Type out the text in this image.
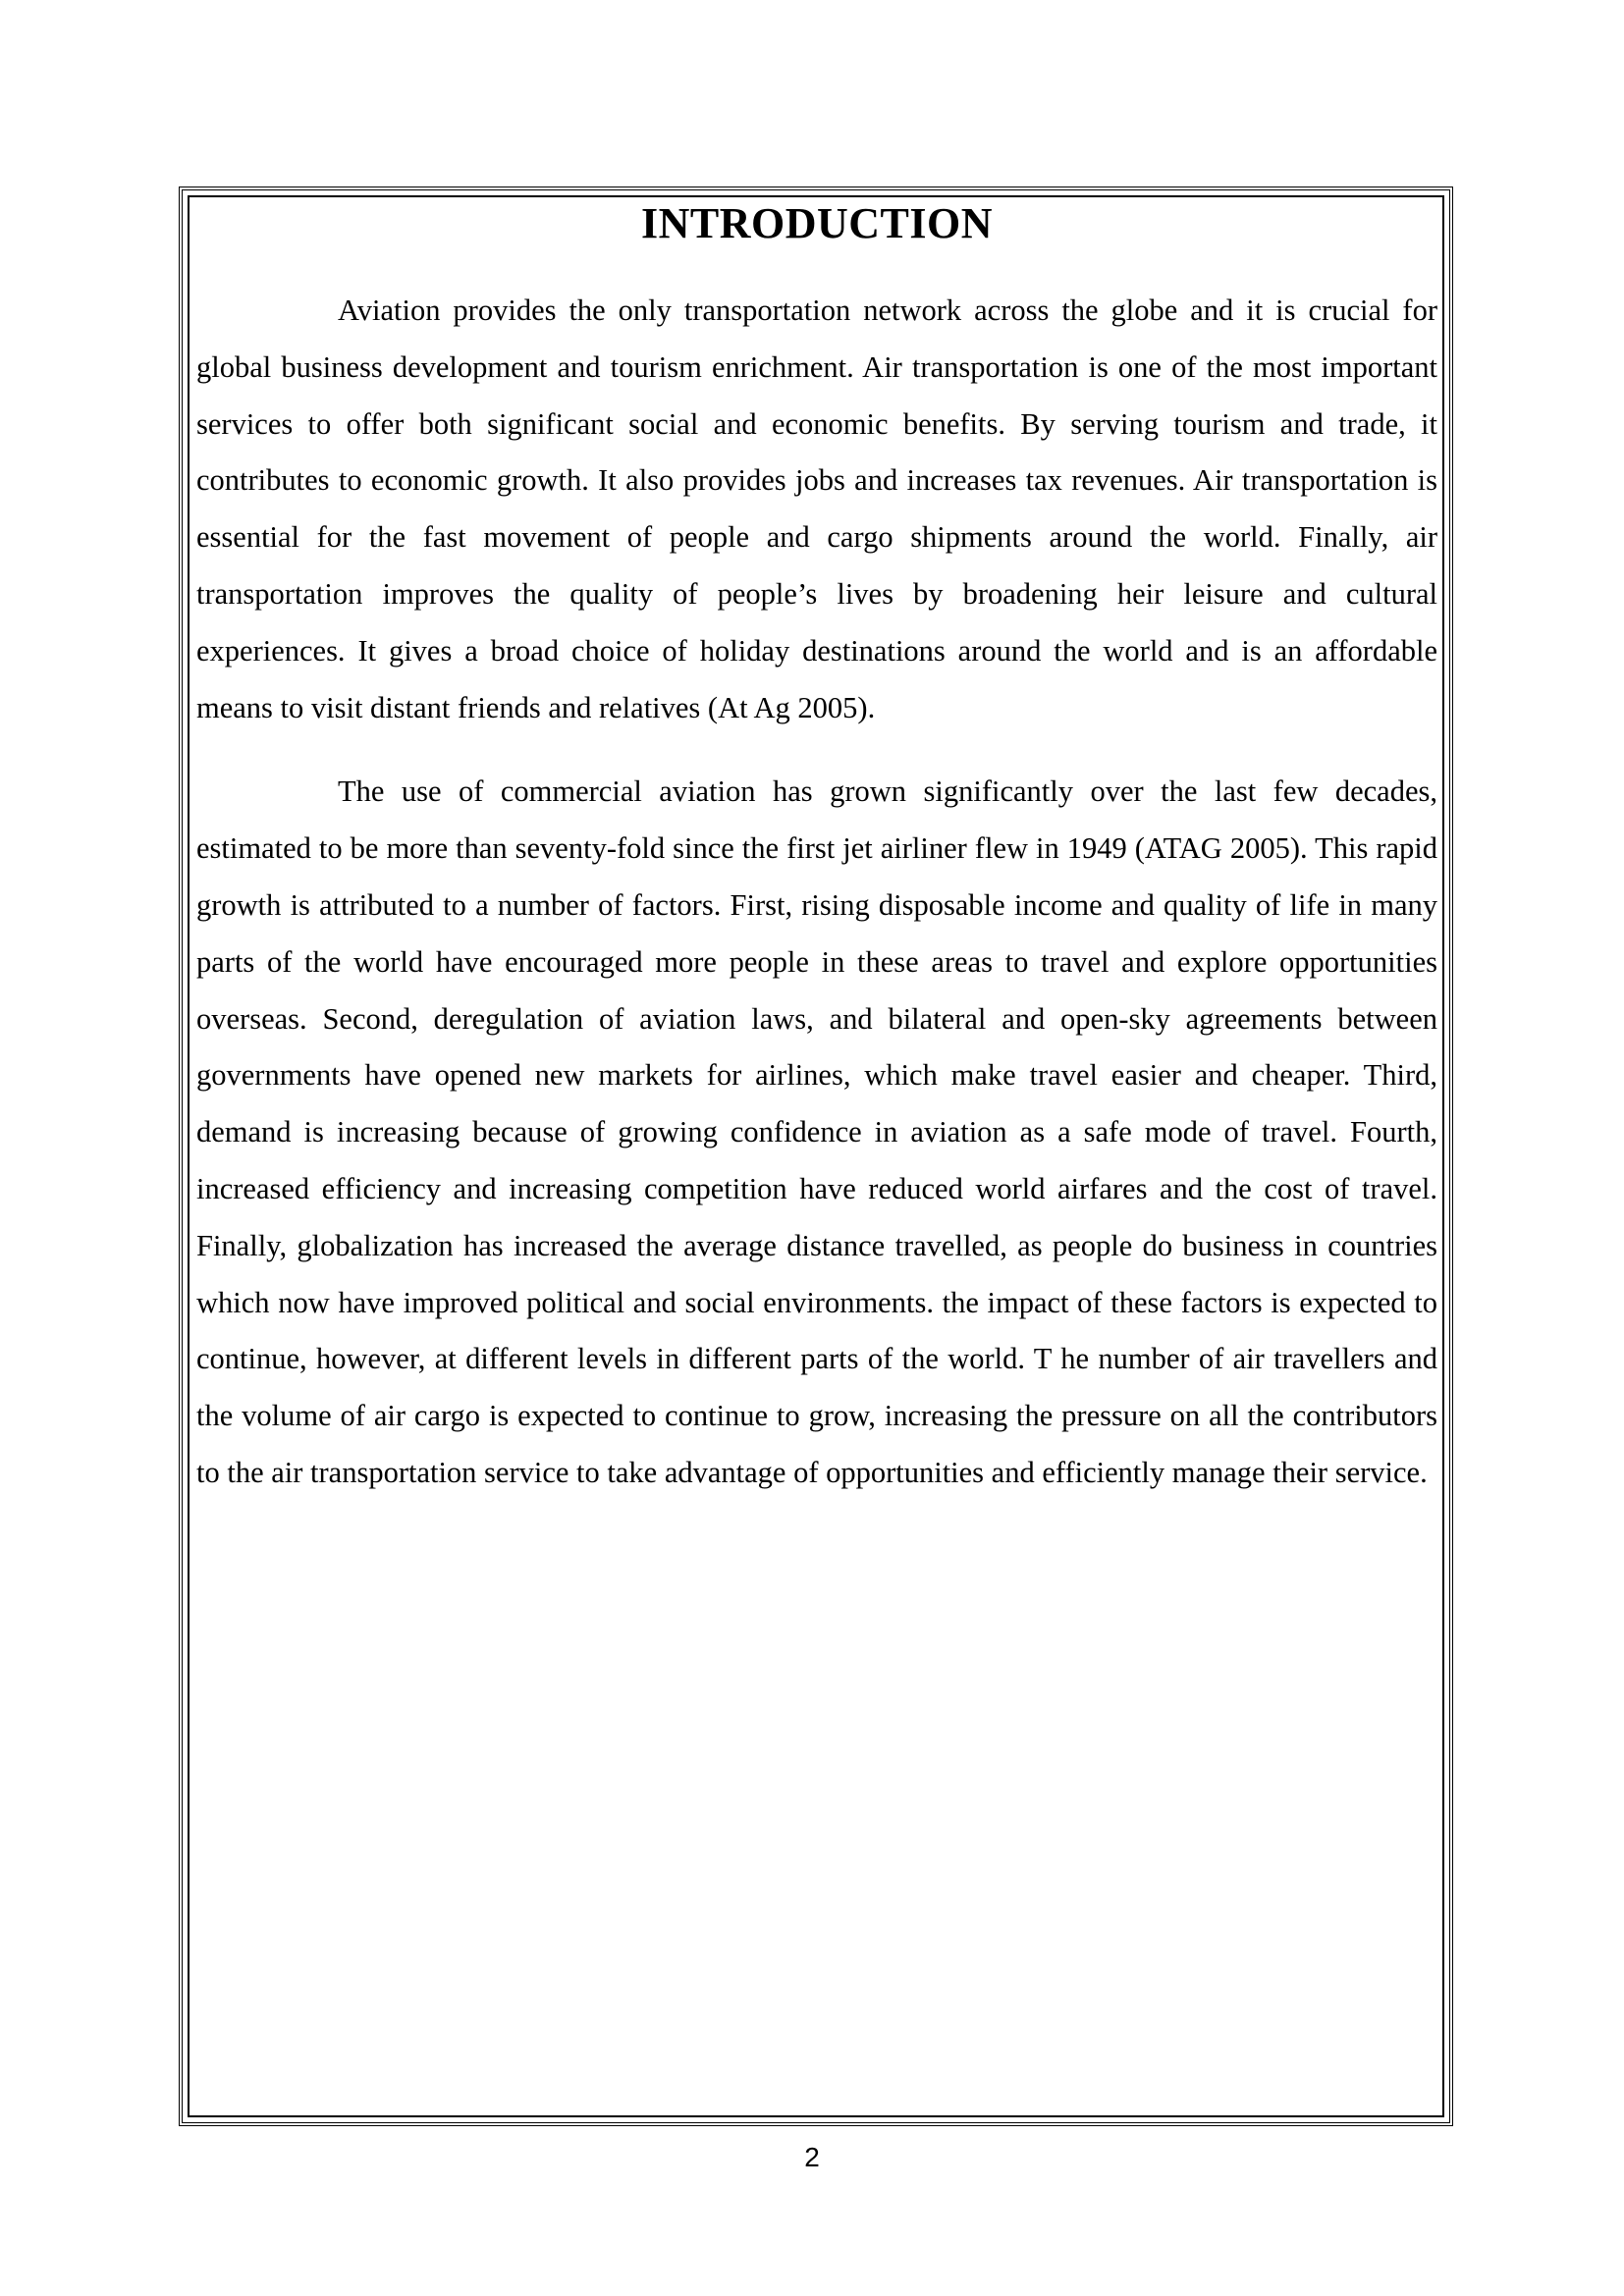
INTRODUCTION

Aviation provides the only transportation network across the globe and it is crucial for global business development and tourism enrichment. Air transportation is one of the most important services to offer both significant social and economic benefits. By serving tourism and trade, it contributes to economic growth. It also provides jobs and increases tax revenues. Air transportation is essential for the fast movement of people and cargo shipments around the world. Finally, air transportation improves the quality of people’s lives by broadening heir leisure and cultural experiences. It gives a broad choice of holiday destinations around the world and is an affordable means to visit distant friends and relatives (At Ag 2005).

The use of commercial aviation has grown significantly over the last few decades, estimated to be more than seventy-fold since the first jet airliner flew in 1949 (ATAG 2005). This rapid growth is attributed to a number of factors. First, rising disposable income and quality of life in many parts of the world have encouraged more people in these areas to travel and explore opportunities overseas. Second, deregulation of aviation laws, and bilateral and open-sky agreements between governments have opened new markets for airlines, which make travel easier and cheaper. Third, demand is increasing because of growing confidence in aviation as a safe mode of travel. Fourth, increased efficiency and increasing competition have reduced world airfares and the cost of travel. Finally, globalization has increased the average distance travelled, as people do business in countries which now have improved political and social environments. the impact of these factors is expected to continue, however, at different levels in different parts of the world. T he number of air travellers and the volume of air cargo is expected to continue to grow, increasing the pressure on all the contributors to the air transportation service to take advantage of opportunities and efficiently manage their service.

2
